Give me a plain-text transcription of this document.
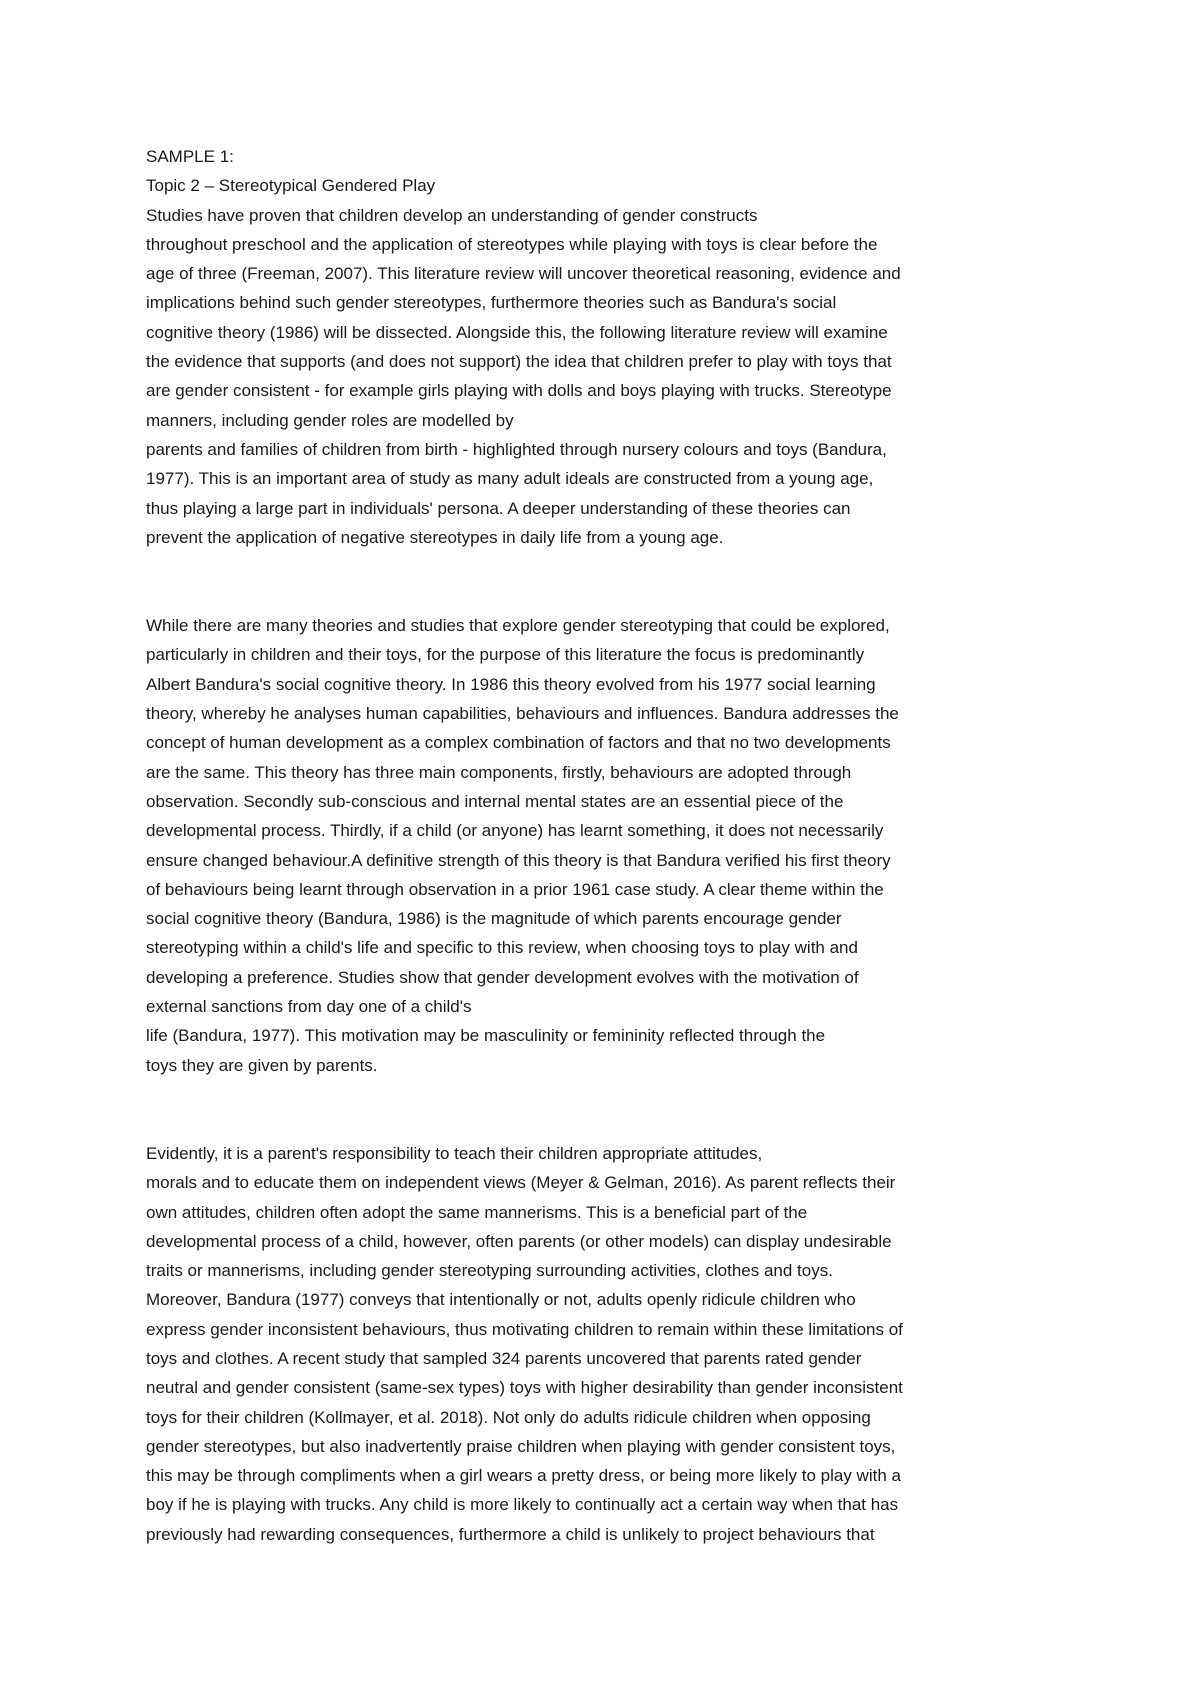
SAMPLE 1:
Topic 2 – Stereotypical Gendered Play
Studies have proven that children develop an understanding of gender constructs
throughout preschool and the application of stereotypes while playing with toys is clear before the
age of three (Freeman, 2007). This literature review will uncover theoretical reasoning, evidence and
implications behind such gender stereotypes, furthermore theories such as Bandura's social
cognitive theory (1986) will be dissected. Alongside this, the following literature review will examine
the evidence that supports (and does not support) the idea that children prefer to play with toys that
are gender consistent - for example girls playing with dolls and boys playing with trucks. Stereotype
manners, including gender roles are modelled by
parents and families of children from birth - highlighted through nursery colours and toys (Bandura,
1977). This is an important area of study as many adult ideals are constructed from a young age,
thus playing a large part in individuals' persona. A deeper understanding of these theories can
prevent the application of negative stereotypes in daily life from a young age.
While there are many theories and studies that explore gender stereotyping that could be explored,
particularly in children and their toys, for the purpose of this literature the focus is predominantly
Albert Bandura's social cognitive theory. In 1986 this theory evolved from his 1977 social learning
theory, whereby he analyses human capabilities, behaviours and influences. Bandura addresses the
concept of human development as a complex combination of factors and that no two developments
are the same. This theory has three main components, firstly, behaviours are adopted through
observation. Secondly sub-conscious and internal mental states are an essential piece of the
developmental process. Thirdly, if a child (or anyone) has learnt something, it does not necessarily
ensure changed behaviour.A definitive strength of this theory is that Bandura verified his first theory
of behaviours being learnt through observation in a prior 1961 case study. A clear theme within the
social cognitive theory (Bandura, 1986) is the magnitude of which parents encourage gender
stereotyping within a child's life and specific to this review, when choosing toys to play with and
developing a preference. Studies show that gender development evolves with the motivation of
external sanctions from day one of a child's
life (Bandura, 1977). This motivation may be masculinity or femininity reflected through the
toys they are given by parents.
Evidently, it is a parent's responsibility to teach their children appropriate attitudes,
morals and to educate them on independent views (Meyer & Gelman, 2016). As parent reflects their
own attitudes, children often adopt the same mannerisms. This is a beneficial part of the
developmental process of a child, however, often parents (or other models) can display undesirable
traits or mannerisms, including gender stereotyping surrounding activities, clothes and toys.
Moreover, Bandura (1977) conveys that intentionally or not, adults openly ridicule children who
express gender inconsistent behaviours, thus motivating children to remain within these limitations of
toys and clothes. A recent study that sampled 324 parents uncovered that parents rated gender
neutral and gender consistent (same-sex types) toys with higher desirability than gender inconsistent
toys for their children (Kollmayer, et al. 2018). Not only do adults ridicule children when opposing
gender stereotypes, but also inadvertently praise children when playing with gender consistent toys,
this may be through compliments when a girl wears a pretty dress, or being more likely to play with a
boy if he is playing with trucks. Any child is more likely to continually act a certain way when that has
previously had rewarding consequences, furthermore a child is unlikely to project behaviours that
